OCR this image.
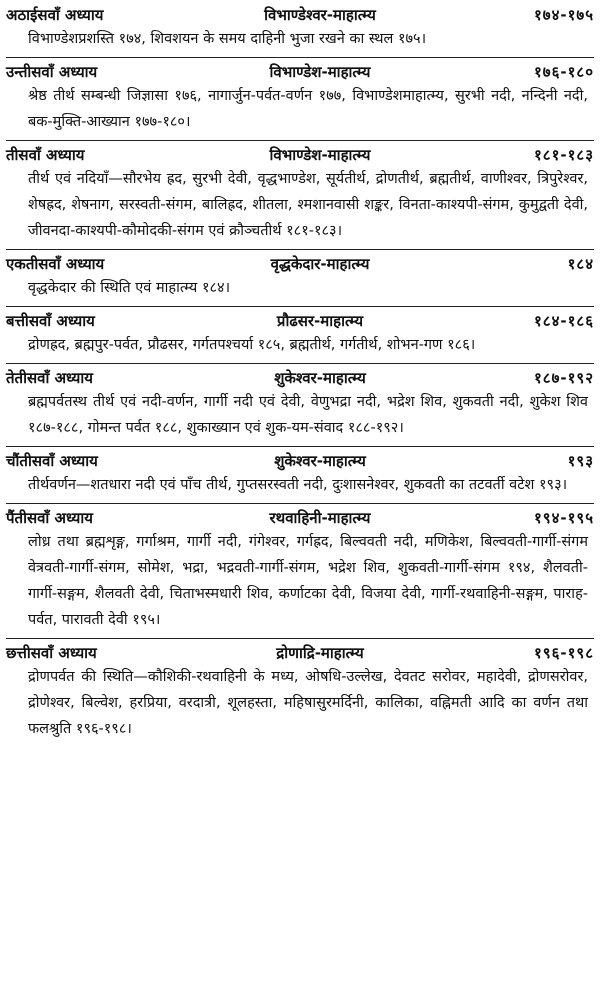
अठाईसवाँ अध्याय	विभाण्डेश्वर-माहात्म्य	१७४-१७५
विभाण्डेशप्रशस्ति १७४, शिवशयन के समय दाहिनी भुजा रखने का स्थल १७५।
उन्तीसवाँ अध्याय	विभाण्डेश-माहात्म्य	१७६-१८०
श्रेष्ठ तीर्थ सम्बन्धी जिज्ञासा १७६, नागार्जुन-पर्वत-वर्णन १७७, विभाण्डेशमाहात्म्य, सुरभी नदी, नन्दिनी नदी, बक-मुक्ति-आख्यान १७७-१८०।
तीसवाँ अध्याय	विभाण्डेश-माहात्म्य	१८१-१८३
तीर्थ एवं नदियाँ—सौरभेय ह्रद, सुरभी देवी, वृद्धभाण्डेश, सूर्यतीर्थ, द्रोणतीर्थ, ब्रह्मतीर्थ, वाणीश्वर, त्रिपुरेश्वर, शेषह्रद, शेषनाग, सरस्वती-संगम, बालिह्रद, शीतला, श्मशानवासी शङ्कर, विनता-काश्यपी-संगम, कुमुद्वती देवी, जीवनदा-काश्यपी-कौमोदकी-संगम एवं क्रौञ्चतीर्थ १८१-१८३।
एकतीसवाँ अध्याय	वृद्धकेदार-माहात्म्य	१८४
वृद्धकेदार की स्थिति एवं माहात्म्य १८४।
बत्तीसवाँ अध्याय	प्रौढसर-माहात्म्य	१८४-१८६
द्रोणह्रद, ब्रह्मपुर-पर्वत, प्रौढसर, गर्गतपश्चर्या १८५, ब्रह्मतीर्थ, गर्गतीर्थ, शोभन-गण १८६।
तेतीसवाँ अध्याय	शुकेश्वर-माहात्म्य	१८७-१९२
ब्रह्मपर्वतस्थ तीर्थ एवं नदी-वर्णन, गार्गी नदी एवं देवी, वेणुभद्रा नदी, भद्रेश शिव, शुकवती नदी, शुकेश शिव १८७-१८८, गोमन्त पर्वत १८८, शुकाख्यान एवं शुक-यम-संवाद १८८-१९२।
चौंतीसवाँ अध्याय	शुकेश्वर-माहात्म्य	१९३
तीर्थवर्णन—शतधारा नदी एवं पाँच तीर्थ, गुप्तसरस्वती नदी, दुःशासनेश्वर, शुकवती का तटवर्ती वटेश १९३।
पैंतीसवाँ अध्याय	रथवाहिनी-माहात्म्य	१९४-१९५
लोध्र तथा ब्रह्मशृङ्ग, गर्गाश्रम, गार्गी नदी, गंगेश्वर, गर्गह्रद, बिल्ववती नदी, मणिकेश, बिल्ववती-गार्गी-संगम वेत्रवती-गार्गी-संगम, सोमेश, भद्रा, भद्रवती-गार्गी-संगम, भद्रेश शिव, शुकवती-गार्गी-संगम १९४, शैलवती-गार्गी-सङ्गम, शैलवती देवी, चिताभस्मधारी शिव, कर्णाटका देवी, विजया देवी, गार्गी-रथवाहिनी-सङ्गम, पाराह-पर्वत, पारावती देवी १९५।
छत्तीसवाँ अध्याय	द्रोणाद्रि-माहात्म्य	१९६-१९८
द्रोणपर्वत की स्थिति—कौशिकी-रथवाहिनी के मध्य, ओषधि-उल्लेख, देवतट सरोवर, महादेवी, द्रोणसरोवर, द्रोणेश्वर, बिल्वेश, हरप्रिया, वरदात्री, शूलहस्ता, महिषासुरमर्दिनी, कालिका, वह्निमती आदि का वर्णन तथा फलश्रुति १९६-१९८।
